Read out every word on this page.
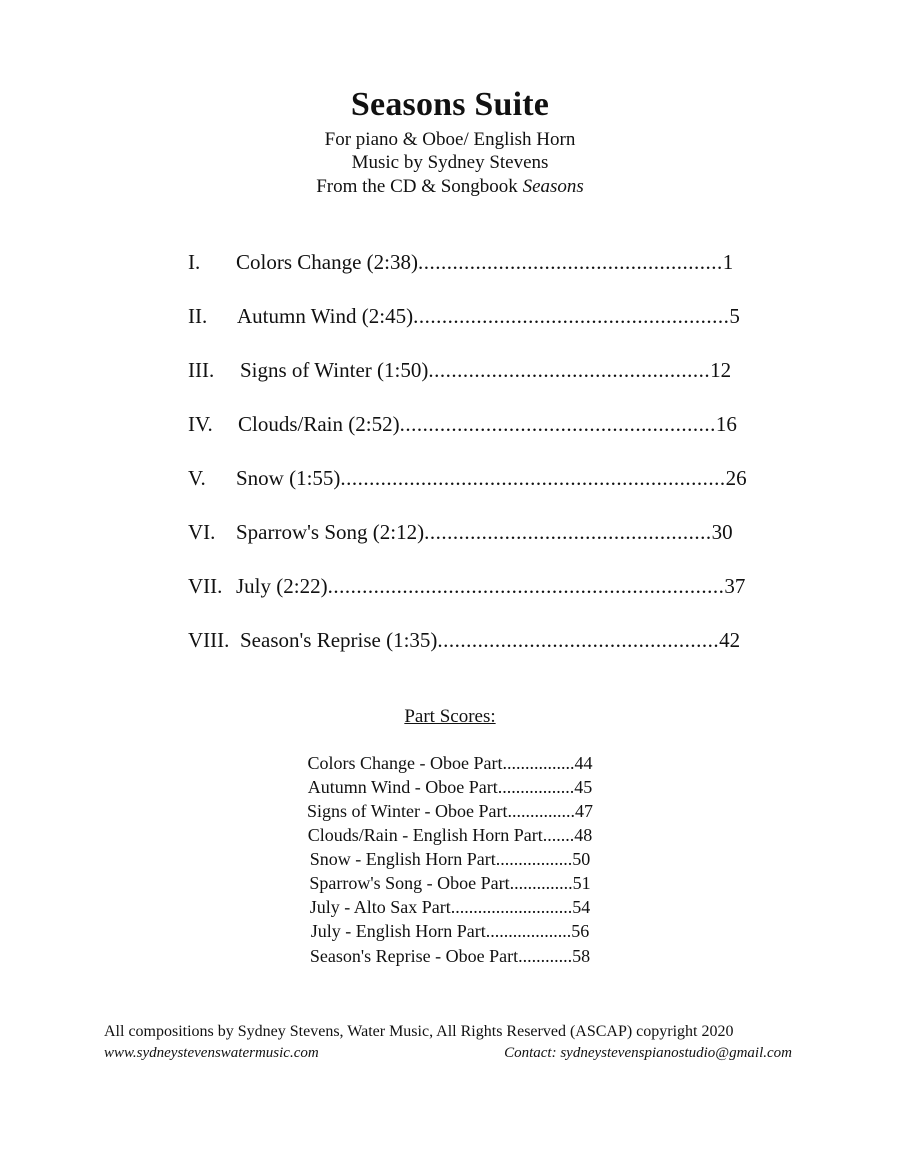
Seasons Suite
For piano & Oboe/ English Horn
Music by Sydney Stevens
From the CD & Songbook Seasons
I.	Colors Change (2:38) ..................................................... 1
II.	Autumn Wind (2:45) ....................................................... 5
III.	Signs of Winter (1:50) ................................................. 12
IV.	Clouds/Rain (2:52) ....................................................... 16
V.	Snow (1:55) ................................................................... 26
VI. Sparrow's Song (2:12) .................................................. 30
VII. July (2:22) ..................................................................... 37
VIII. Season's Reprise (1:35) ................................................. 42
Part Scores:
Colors Change - Oboe Part................44
Autumn Wind - Oboe Part.................45
Signs of Winter - Oboe Part...............47
Clouds/Rain - English Horn Part.......48
Snow - English Horn Part.................50
Sparrow's Song - Oboe Part..............51
July - Alto Sax Part...........................54
July - English Horn Part...................56
Season's Reprise - Oboe Part............58
All compositions by Sydney Stevens, Water Music, All Rights Reserved (ASCAP) copyright 2020
www.sydneystevenswatermusic.com	Contact: sydneystevenspianostudio@gmail.com
